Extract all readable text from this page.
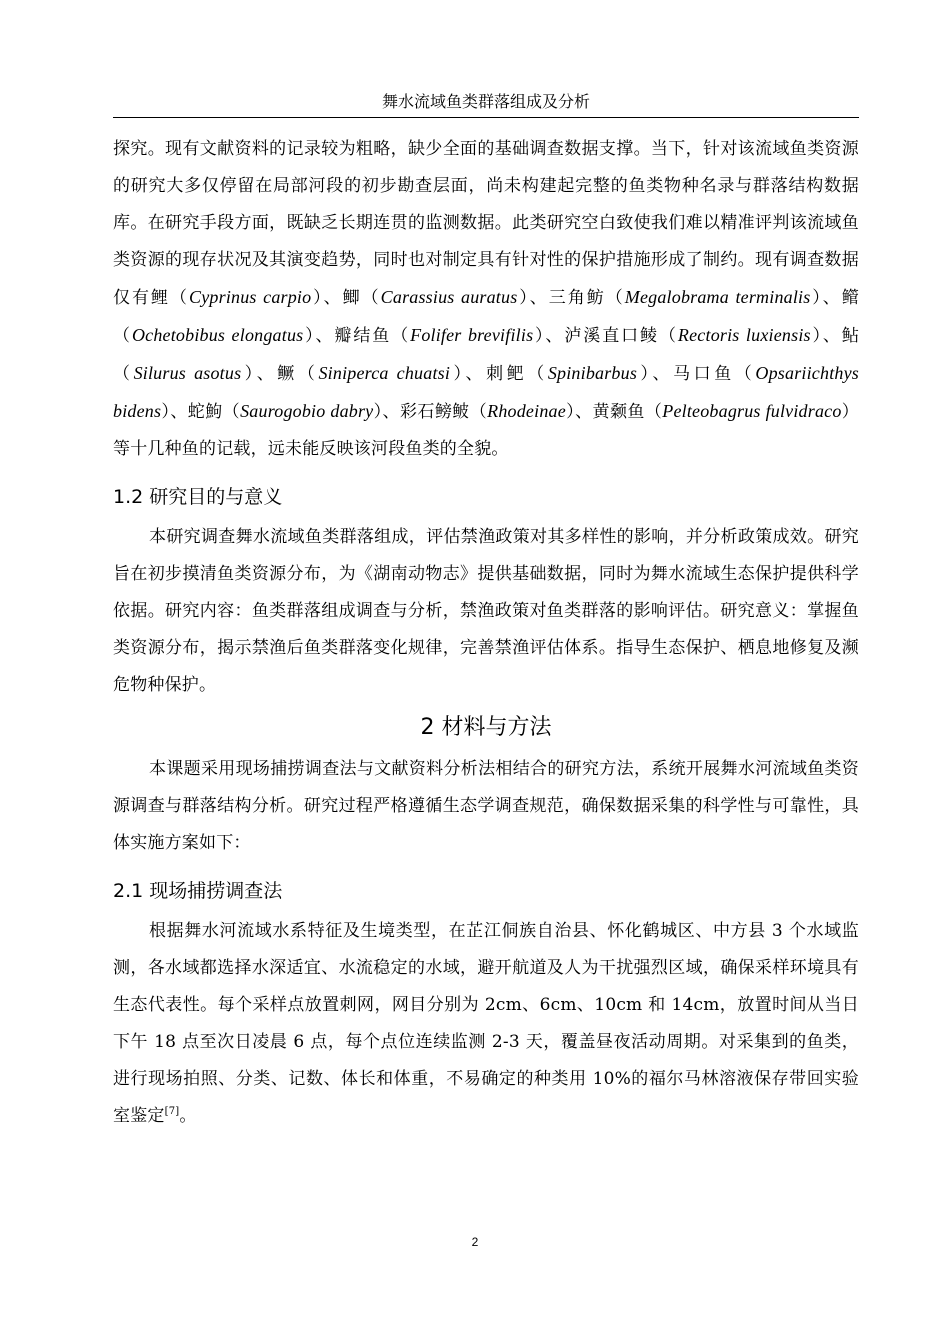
舞水流域鱼类群落组成及分析

探究。现有文献资料的记录较为粗略，缺少全面的基础调查数据支撑。当下，针对该流域鱼类资源的研究大多仅停留在局部河段的初步勘查层面，尚未构建起完整的鱼类物种名录与群落结构数据库。在研究手段方面，既缺乏长期连贯的监测数据。此类研究空白致使我们难以精准评判该流域鱼类资源的现存状况及其演变趋势，同时也对制定具有针对性的保护措施形成了制约。现有调查数据仅有鲤（Cyprinus carpio）、鲫（Carassius auratus）、三角鲂（Megalobrama terminalis）、鳤（Ochetobibus elongatus）、瓣结鱼（Folifer brevifilis）、泸溪直口鲮（Rectoris luxiensis）、鲇（Silurus asotus）、鳜（Siniperca chuatsi）、刺鲃（Spinibarbus）、马口鱼（Opsariichthys bidens）、蛇鮈（Saurogobio dabry）、彩石鳑鲏（Rhodeinae）、黄颡鱼（Pelteobagrus fulvidraco）等十几种鱼的记载，远未能反映该河段鱼类的全貌。

1.2 研究目的与意义

本研究调查舞水流域鱼类群落组成，评估禁渔政策对其多样性的影响，并分析政策成效。研究旨在初步摸清鱼类资源分布，为《湖南动物志》提供基础数据，同时为舞水流域生态保护提供科学依据。研究内容：鱼类群落组成调查与分析，禁渔政策对鱼类群落的影响评估。研究意义：掌握鱼类资源分布，揭示禁渔后鱼类群落变化规律，完善禁渔评估体系。指导生态保护、栖息地修复及濒危物种保护。

2 材料与方法

本课题采用现场捕捞调查法与文献资料分析法相结合的研究方法，系统开展舞水河流域鱼类资源调查与群落结构分析。研究过程严格遵循生态学调查规范，确保数据采集的科学性与可靠性，具体实施方案如下：

2.1 现场捕捞调查法

根据舞水河流域水系特征及生境类型，在芷江侗族自治县、怀化鹤城区、中方县 3 个水域监测，各水域都选择水深适宜、水流稳定的水域，避开航道及人为干扰强烈区域，确保采样环境具有生态代表性。每个采样点放置刺网，网目分别为 2cm、6cm、10cm 和 14cm，放置时间从当日下午 18 点至次日凌晨 6 点，每个点位连续监测 2-3 天，覆盖昼夜活动周期。对采集到的鱼类，进行现场拍照、分类、记数、体长和体重，不易确定的种类用 10%的福尔马林溶液保存带回实验室鉴定[7]。

2
